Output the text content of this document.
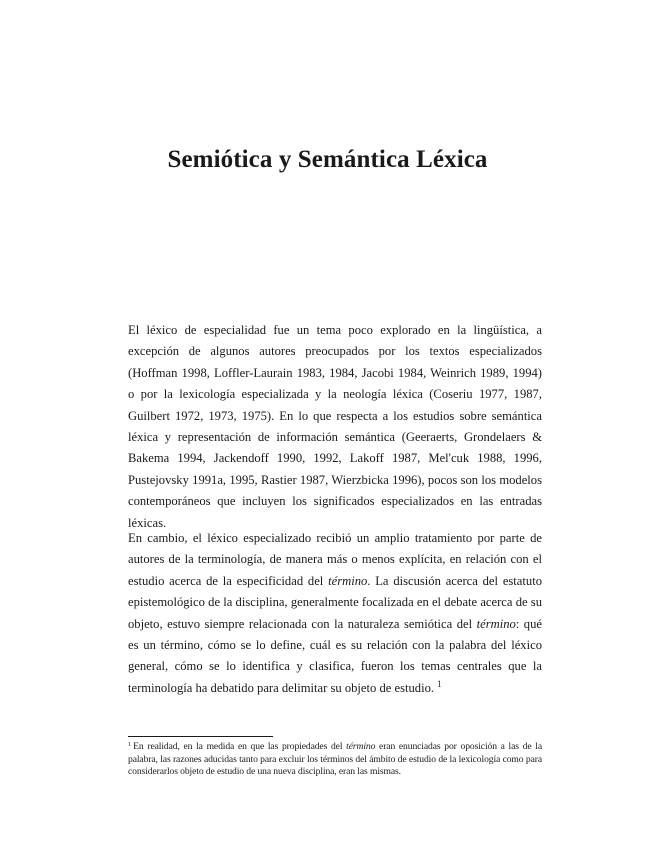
Semiótica y Semántica Léxica

El léxico de especialidad fue un tema poco explorado en la lingüística, a excepción de algunos autores preocupados por los textos especializados (Hoffman 1998, Loffler-Laurain 1983, 1984, Jacobi 1984, Weinrich 1989, 1994) o por la lexicología especializada y la neología léxica (Coseriu 1977, 1987, Guilbert 1972, 1973, 1975). En lo que respecta a los estudios sobre semántica léxica y representación de información semántica (Geeraerts, Grondelaers & Bakema 1994, Jackendoff 1990, 1992, Lakoff 1987, Mel'cuk 1988, 1996, Pustejovsky 1991a, 1995, Rastier 1987, Wierzbicka 1996), pocos son los modelos contemporáneos que incluyen los significados especializados en las entradas léxicas.

En cambio, el léxico especializado recibió un amplio tratamiento por parte de autores de la terminología, de manera más o menos explícita, en relación con el estudio acerca de la especificidad del término. La discusión acerca del estatuto epistemológico de la disciplina, generalmente focalizada en el debate acerca de su objeto, estuvo siempre relacionada con la naturaleza semiótica del término: qué es un término, cómo se lo define, cuál es su relación con la palabra del léxico general, cómo se lo identifica y clasifica, fueron los temas centrales que la terminología ha debatido para delimitar su objeto de estudio. $^1$

$^1$ En realidad, en la medida en que las propiedades del término eran enunciadas por oposición a las de la palabra, las razones aducidas tanto para excluir los términos del ámbito de estudio de la lexicología como para considerarlos objeto de estudio de una nueva disciplina, eran las mismas.
